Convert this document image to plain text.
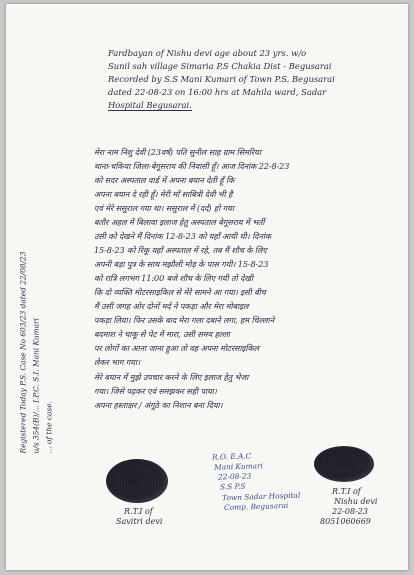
Fardbayan of Nishu devi age about 23 yrs. w/o
Sunil sah village Simaria P.S Chakia Dist - Begusarai
Recorded by S.S Mani Kumari of Town P.S. Begusarai
dated 22-08-23 on 16:00 hrs at Mahila ward, Sadar
Hospital Begusarai.
मेरा नाम निशु देवी (23वर्ष) पति सुनील साह ग्राम सिमरिया
थाना-चकिया जिला-बेगूसराय की निवासी हूँ। आज दिनांक 22-8-23
को सदर अस्पताल वार्ड में अपना बयान देती हूँ कि
अपना बयान दे रही हूँ। मेरी माँ साबित्री देवी भी है
एवं मेरे ससुराल गया था। ससुराल में (दर्द) हो गया
बतौर अहल में बिलावा इलाज हेतु अस्पताल बेगूसराय में भर्ती
उसी को देखने मैं दिनांक 12-8-23 को यहाँ आयी थी। दिनांक
15-8-23 को रिंकू यहाँ अस्पताल में रहे, तब मैं शौच के लिए
अपनी बड़ा पुत्र के साथ मझौली मोड़ के पास गयी। 15-8-23
को रात्रि लगभग 11:00 बजे शौच के लिए गयी तो देखी
कि दो व्यक्ति मोटरसाइकिल से मेरे सामने आ गया। इसी बीच
मैं उसी जगह ओर दोनों मर्द ने पकड़ा और मेरा मोबाइल
पकड़ा लिया। फिर उसके बाद मेरा गला दबाने लगा, हम चिल्लाने
बदमाश ने चाकू से पेट में मारा, उसी समय हल्ला
पर लोगों का आना जाना हुआ तो वह अपना मोटरसाइकिल
लेकर भाग गया।
मेरे बयान में मुझे उपचार करने के लिए इलाज हेतु भेजा
गया। जिसे पढ़कर एवं समझकर सही पाया।
अपना हस्ताक्षर / अंगूठे का निशान बना दिया।
Registered Today P.S. Case No 603/23 dated 22/08/23 u/s 354(B)/... I.P.C. S.I. Mani Kumari ... of the case.
R.T.I of
Savitri devi
R.O. E.A.C
Mani Kumari
22-08-23
S.S P.S
Town Sadar Hospital
Comp. Begusarai
R.T.I of
Nishu devi
22-08-23
8051060669
